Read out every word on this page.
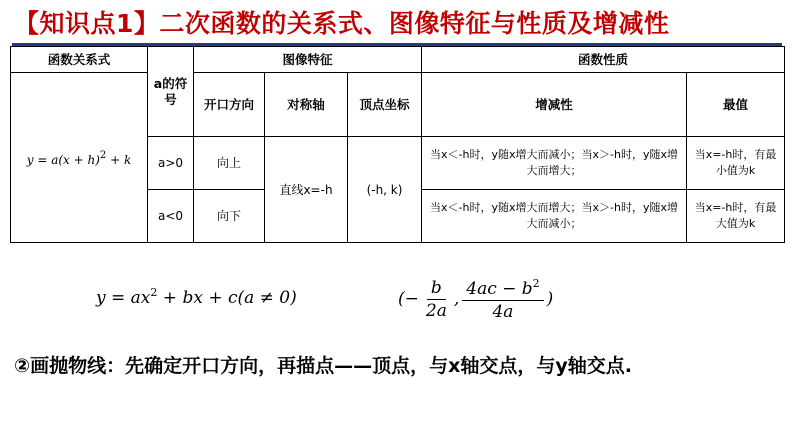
【知识点1】二次函数的关系式、图像特征与性质及增减性
函数关系式	a的符号	图像特征			函数性质	
$y = a(x + h)^2 + k$		开口方向	对称轴	顶点坐标	增减性	最值
	a>0	向上	直线x=-h	(-h, k)	当x＜-h时，y随x增大而减小；当x＞-h时，y随x增大而增大；	当x=-h时，有最小值为k
	a<0	向下			当x＜-h时，y随x增大而增大；当x＞-h时，y随x增大而减小；	当x=-h时，有最大值为k
$y = ax^2$ + bx + c(a ≠ 0)	(− $\frac{b}{2a}$ , $\frac{4ac - b^2}{4a}$ )
②画抛物线：先确定开口方向，再描点——顶点，与x轴交点，与y轴交点.
